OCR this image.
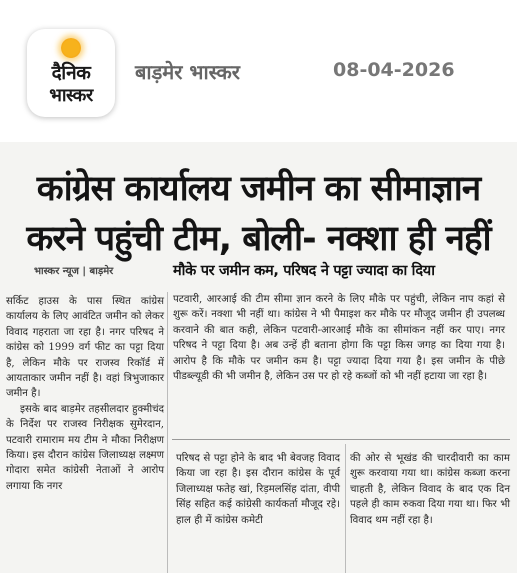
दैनिक
भास्कर
बाड़मेर भास्कर	08-04-2026
कांग्रेस कार्यालय जमीन का सीमाज्ञान
करने पहुंची टीम, बोली- नक्शा ही नहीं
भास्कर न्यूज | बाड़मेर	मौके पर जमीन कम, परिषद ने पट्टा ज्यादा का दिया

सर्किट हाउस के पास स्थित कांग्रेस कार्यालय के लिए आवंटित जमीन को लेकर विवाद गहराता जा रहा है। नगर परिषद ने कांग्रेस को 1999 वर्ग फीट का पट्टा दिया है, लेकिन मौके पर राजस्व रिकॉर्ड में आयताकार जमीन नहीं है। वहां त्रिभुजाकार जमीन है।

इसके बाद बाड़मेर तहसीलदार हुक्मीचंद के निर्देश पर राजस्व निरीक्षक सुमेरदान, पटवारी रामाराम मय टीम ने मौका निरीक्षण किया। इस दौरान कांग्रेस जिलाध्यक्ष लक्ष्मण गोदारा समेत कांग्रेसी नेताओं ने आरोप लगाया कि नगर

पटवारी, आरआई की टीम सीमा ज्ञान करने के लिए मौके पर पहुंची, लेकिन नाप कहां से शुरू करें। नक्शा भी नहीं था। कांग्रेस ने भी पैमाइश कर मौके पर मौजूद जमीन ही उपलब्ध करवाने की बात कही, लेकिन पटवारी-आरआई मौके का सीमांकन नहीं कर पाए। नगर परिषद ने पट्टा दिया है। अब उन्हें ही बताना होगा कि पट्टा किस जगह का दिया गया है। आरोप है कि मौके पर जमीन कम है। पट्टा ज्यादा दिया गया है। इस जमीन के पीछे पीडब्ल्यूडी की भी जमीन है, लेकिन उस पर हो रहे कब्जों को भी नहीं हटाया जा रहा है।

परिषद से पट्टा होने के बाद भी बेवजह विवाद किया जा रहा है। इस दौरान कांग्रेस के पूर्व जिलाध्यक्ष फतेह खां, रिड़मलसिंह दांता, वीपी सिंह सहित कई कांग्रेसी कार्यकर्ता मौजूद रहे। हाल ही में कांग्रेस कमेटी

की ओर से भूखंड की चारदीवारी का काम शुरू करवाया गया था। कांग्रेस कब्जा करना चाहती है, लेकिन विवाद के बाद एक दिन पहले ही काम रुकवा दिया गया था। फिर भी विवाद थम नहीं रहा है।
